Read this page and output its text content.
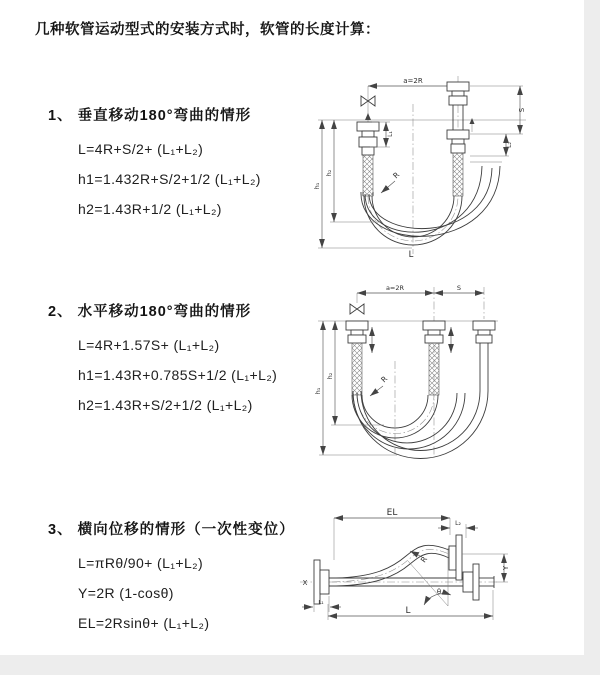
几种软管运动型式的安装方式时，软管的长度计算：
1、 垂直移动180°弯曲的情形
L=4R+S/2+ (L₁+L₂)
h1=1.432R+S/2+1/2 (L₁+L₂)
h2=1.43R+1/2 (L₁+L₂)
2、 水平移动180°弯曲的情形
L=4R+1.57S+ (L₁+L₂)
h1=1.43R+0.785S+1/2 (L₁+L₂)
h2=1.43R+S/2+1/2 (L₁+L₂)
3、 横向位移的情形（一次性变位）
L=πRθ/90+ (L₁+L₂)
Y=2R (1-cosθ)
EL=2Rsinθ+ (L₁+L₂)
a=2R
L₁
S
L₂
h₁
h₂	R
L
a=2R	S
h₁
h₂	R
X
EL
L₂
θ
R
Y
L₁
L
